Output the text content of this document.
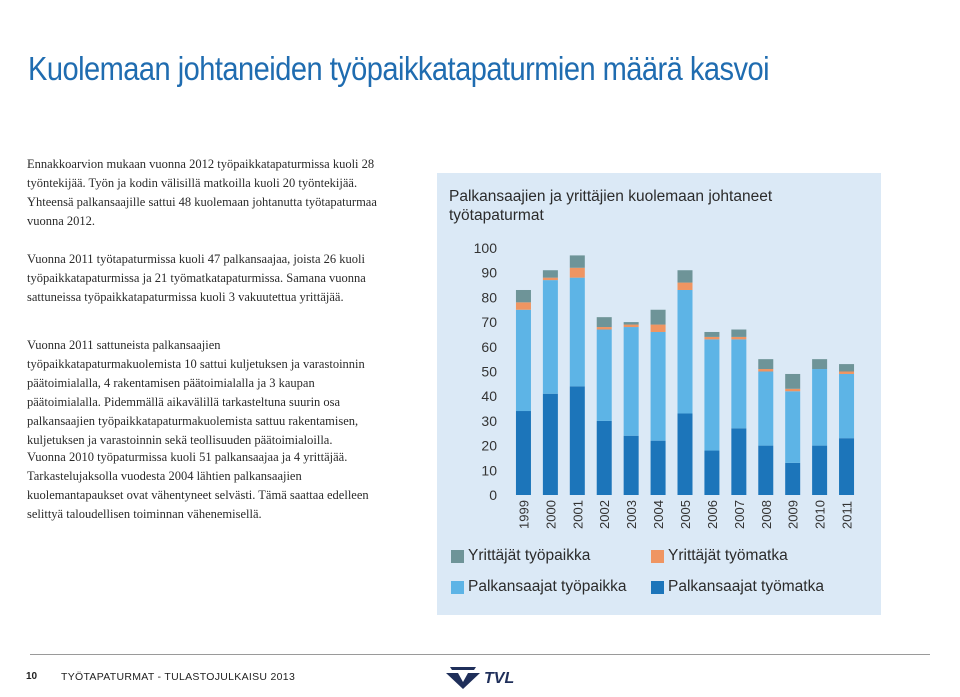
Kuolemaan johtaneiden työpaikkatapaturmien määrä kasvoi

Ennakkoarvion mukaan vuonna 2012 työpaikkatapaturmissa kuoli 28 työntekijää. Työn ja kodin välisillä matkoilla kuoli 20 työntekijää. Yhteensä palkansaajille sattui 48 kuolemaan johtanutta työtapaturmaa vuonna 2012.

Vuonna 2011 työtapaturmissa kuoli 47 palkansaajaa, joista 26 kuoli työpaikkatapaturmissa ja 21 työmatkatapaturmissa. Samana vuonna sattuneissa työpaikkatapaturmissa kuoli 3 vakuutettua yrittäjää.

Vuonna 2011 sattuneista palkansaajien työpaikkatapaturmakuolemista 10 sattui kuljetuksen ja varastoinnin päätoimialalla, 4 rakentamisen päätoimialalla ja 3 kaupan päätoimialalla. Pidemmällä aikavälillä tarkasteltuna suurin osa palkansaajien työpaikkatapaturmakuolemista sattuu rakentamisen, kuljetuksen ja varastoinnin sekä teollisuuden päätoimialoilla.

Vuonna 2010 työpaturmissa kuoli 51 palkansaajaa ja 4 yrittäjää. Tarkastelujaksolla vuodesta 2004 lähtien palkansaajien kuolemantapaukset ovat vähentyneet selvästi. Tämä saattaa edelleen selittyä taloudellisen toiminnan vähenemisellä.

Palkansaajien ja yrittäjien kuolemaan johtaneet työtapaturmat
0
10
20
30
40
50
60
70
80
90
100
1999 2000 2001 2002 2003 2004 2005 2006 2007 2008 2009 2010 2011
Yrittäjät työpaikka	Yrittäjät työmatka
Palkansaajat työpaikka	Palkansaajat työmatka
10 TYÖTAPATURMAT - TULASTOJULKAISU 2013	TVL
